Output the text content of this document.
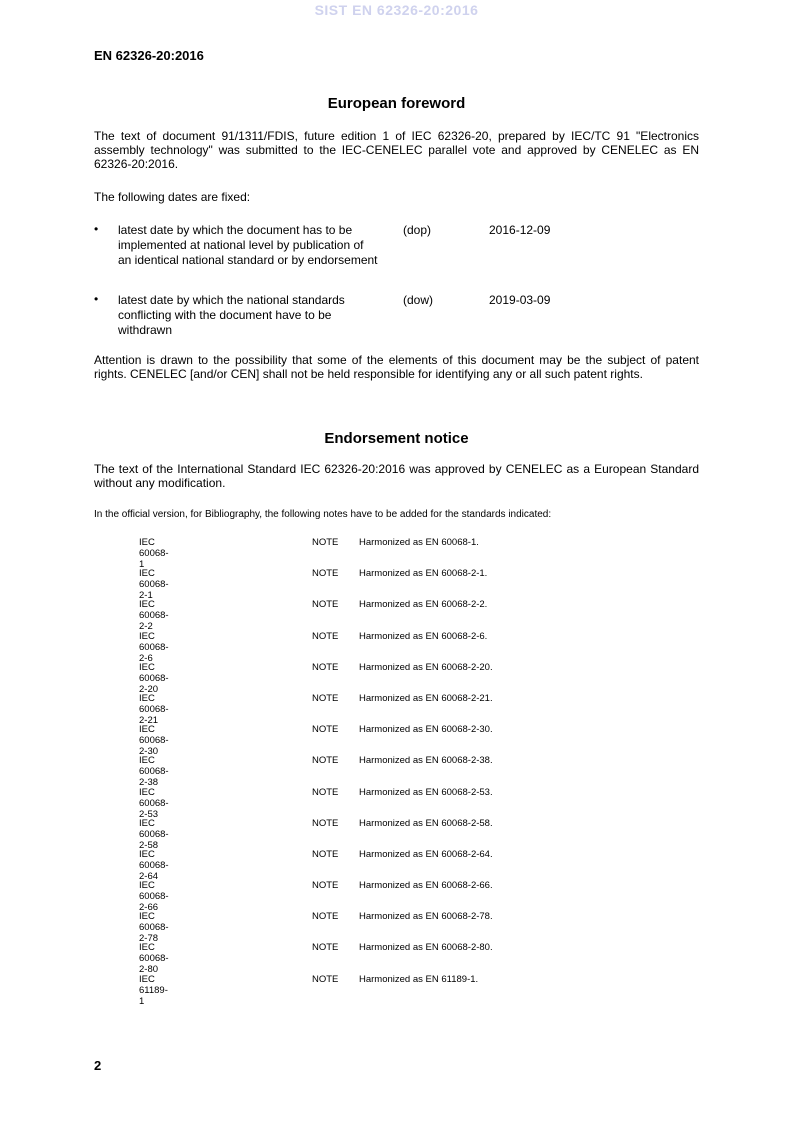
SIST EN 62326-20:2016
EN 62326-20:2016
European foreword
The text of document 91/1311/FDIS, future edition 1 of IEC 62326-20, prepared by IEC/TC 91 "Electronics assembly technology" was submitted to the IEC-CENELEC parallel vote and approved by CENELEC as EN 62326-20:2016.
The following dates are fixed:
• latest date by which the document has to be implemented at national level by publication of an identical national standard or by endorsement
(dop)	2016-12-09
• latest date by which the national standards conflicting with the document have to be withdrawn
(dow)	2019-03-09
Attention is drawn to the possibility that some of the elements of this document may be the subject of patent rights. CENELEC [and/or CEN] shall not be held responsible for identifying any or all such patent rights.
Endorsement notice
The text of the International Standard IEC 62326-20:2016 was approved by CENELEC as a European Standard without any modification.
In the official version, for Bibliography, the following notes have to be added for the standards indicated:
IEC 60068-1
NOTE Harmonized as EN 60068-1.
IEC 60068-2-1
NOTE Harmonized as EN 60068-2-1.
IEC 60068-2-2
NOTE Harmonized as EN 60068-2-2.
IEC 60068-2-6
NOTE Harmonized as EN 60068-2-6.
IEC 60068-2-20
NOTE Harmonized as EN 60068-2-20.
IEC 60068-2-21
NOTE Harmonized as EN 60068-2-21.
IEC 60068-2-30
NOTE Harmonized as EN 60068-2-30.
IEC 60068-2-38
NOTE Harmonized as EN 60068-2-38.
IEC 60068-2-53
NOTE Harmonized as EN 60068-2-53.
IEC 60068-2-58
NOTE Harmonized as EN 60068-2-58.
IEC 60068-2-64
NOTE Harmonized as EN 60068-2-64.
IEC 60068-2-66
NOTE Harmonized as EN 60068-2-66.
IEC 60068-2-78
NOTE Harmonized as EN 60068-2-78.
IEC 60068-2-80
NOTE Harmonized as EN 60068-2-80.
IEC 61189-1
NOTE Harmonized as EN 61189-1.
2
